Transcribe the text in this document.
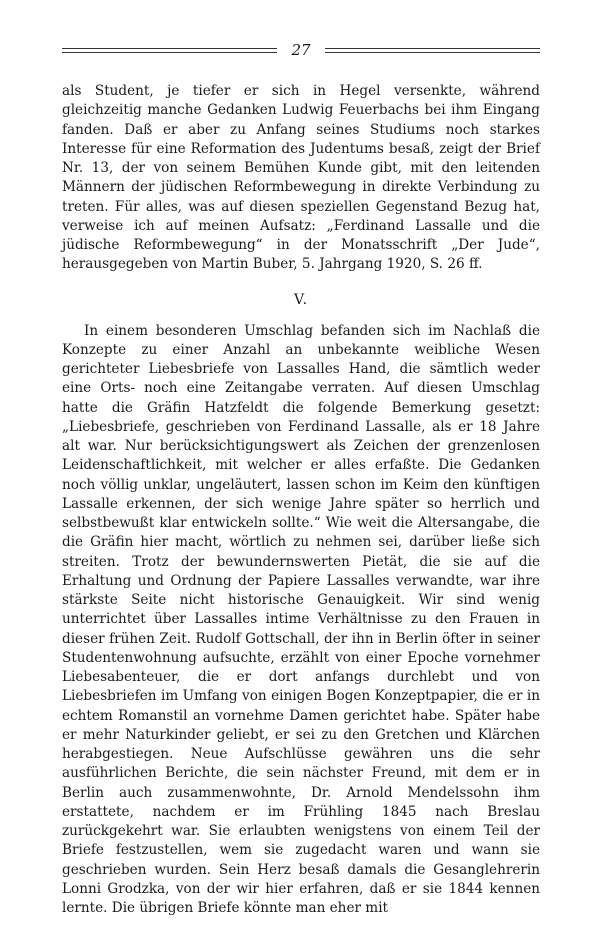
27

als Student, je tiefer er sich in Hegel versenkte, während gleichzeitig manche Gedanken Ludwig Feuerbachs bei ihm Eingang fanden. Daß er aber zu Anfang seines Studiums noch starkes Interesse für eine Reformation des Judentums besaß, zeigt der Brief Nr. 13, der von seinem Bemühen Kunde gibt, mit den leitenden Männern der jüdischen Reformbewegung in direkte Verbindung zu treten. Für alles, was auf diesen speziellen Gegenstand Bezug hat, verweise ich auf meinen Aufsatz: „Ferdinand Lassalle und die jüdische Reformbewegung“ in der Monatsschrift „Der Jude“, herausgegeben von Martin Buber, 5. Jahrgang 1920, S. 26 ff.

V.

In einem besonderen Umschlag befanden sich im Nachlaß die Konzepte zu einer Anzahl an unbekannte weibliche Wesen gerichteter Liebesbriefe von Lassalles Hand, die sämtlich weder eine Orts- noch eine Zeitangabe verraten. Auf diesen Umschlag hatte die Gräfin Hatzfeldt die folgende Bemerkung gesetzt: „Liebesbriefe, geschrieben von Ferdinand Lassalle, als er 18 Jahre alt war. Nur berücksichtigungswert als Zeichen der grenzenlosen Leidenschaftlichkeit, mit welcher er alles erfaßte. Die Gedanken noch völlig unklar, ungeläutert, lassen schon im Keim den künftigen Lassalle erkennen, der sich wenige Jahre später so herrlich und selbstbewußt klar entwickeln sollte.“ Wie weit die Altersangabe, die die Gräfin hier macht, wörtlich zu nehmen sei, darüber ließe sich streiten. Trotz der bewundernswerten Pietät, die sie auf die Erhaltung und Ordnung der Papiere Lassalles verwandte, war ihre stärkste Seite nicht historische Genauigkeit. Wir sind wenig unterrichtet über Lassalles intime Verhältnisse zu den Frauen in dieser frühen Zeit. Rudolf Gottschall, der ihn in Berlin öfter in seiner Studentenwohnung aufsuchte, erzählt von einer Epoche vornehmer Liebesabenteuer, die er dort anfangs durchlebt und von Liebesbriefen im Umfang von einigen Bogen Konzeptpapier, die er in echtem Romanstil an vornehme Damen gerichtet habe. Später habe er mehr Naturkinder geliebt, er sei zu den Gretchen und Klärchen herabgestiegen. Neue Aufschlüsse gewähren uns die sehr ausführlichen Berichte, die sein nächster Freund, mit dem er in Berlin auch zusammenwohnte, Dr. Arnold Mendelssohn ihm erstattete, nachdem er im Frühling 1845 nach Breslau zurückgekehrt war. Sie erlaubten wenigstens von einem Teil der Briefe festzustellen, wem sie zugedacht waren und wann sie geschrieben wurden. Sein Herz besaß damals die Gesanglehrerin Lonni Grodzka, von der wir hier erfahren, daß er sie 1844 kennen lernte. Die übrigen Briefe könnte man eher mit
